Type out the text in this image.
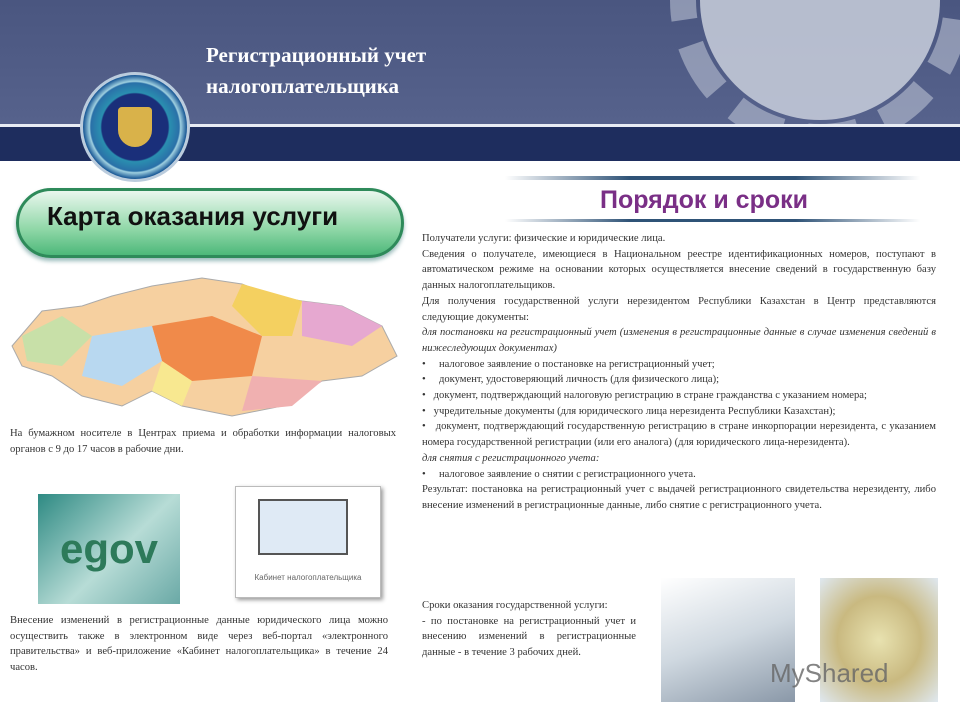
Регистрационный учет
налогоплательщика
Карта оказания услуги
Порядок и сроки
На бумажном носителе в Центрах приема и обработки информации налоговых органов с 9 до 17 часов в рабочие дни.
egov
Кабинет налогоплательщика
Внесение изменений в регистрационные данные юридического лица можно осуществить также в электронном виде через веб-портал «электронного правительства» и веб-приложение «Кабинет налогоплательщика» в течение 24 часов.

Получатели услуги: физические и юридические лица.

Сведения о получателе, имеющиеся в Национальном реестре идентификационных номеров, поступают в автоматическом режиме на основании которых осуществляется внесение сведений в государственную базу данных налогоплательщиков.

Для получения государственной услуги нерезидентом Республики Казахстан в Центр представляются следующие документы:

для постановки на регистрационный учет (изменения в регистрационные данные в случае изменения сведений в нижеследующих документах)

•     налоговое заявление о постановке на регистрационный учет;

•     документ, удостоверяющий личность (для физического лица);

•   документ, подтверждающий налоговую регистрацию в стране гражданства с указанием номера;

•   учредительные документы (для юридического лица нерезидента Республики Казахстан);

•   документ, подтверждающий государственную регистрацию в стране инкорпорации нерезидента, с указанием номера государственной регистрации (или его аналога) (для юридического лица-нерезидента).

для снятия с регистрационного учета:

•     налоговое заявление о снятии с регистрационного учета.

Результат: постановка на регистрационный учет с выдачей регистрационного свидетельства нерезиденту, либо внесение изменений в регистрационные данные, либо снятие с регистрационного учета.

Сроки оказания государственной услуги:

- по постановке на регистрационный учет и внесению изменений в регистрационные данные - в течение 3 рабочих дней.

MyShared
